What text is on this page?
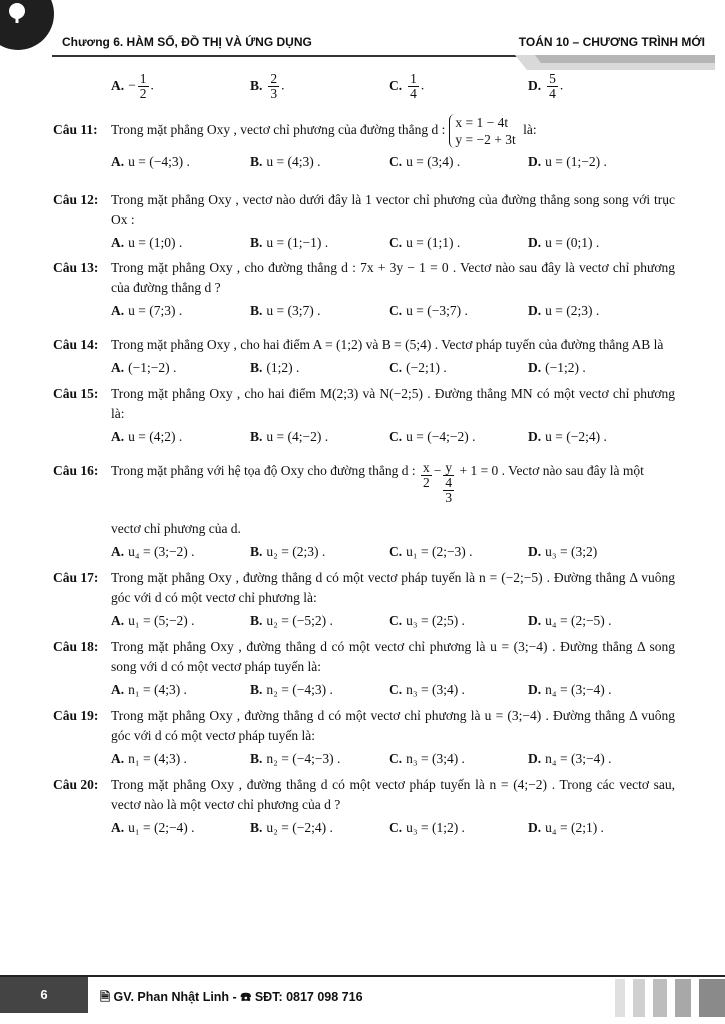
Chương 6. HÀM SỐ, ĐỒ THỊ VÀ ỨNG DỤNG	TOÁN 10 – CHƯƠNG TRÌNH MỚI
A. − $\frac{1}{2}$ .	B. $\frac{2}{3}$ .	C. $\frac{1}{4}$ .	D. $\frac{5}{4}$ .
Câu 11: Trong mặt phẳng Oxy , vectơ chỉ phương của đường thẳng d : x = 1 − 4t
y = −2 + 3t
là:
A. u = (−4;3) .	B. u = (4;3) .	C. u = (3;4) .	D. u = (1;−2) .
Câu 12: Trong mặt phẳng Oxy , vectơ nào dưới đây là 1 vector chỉ phương của đường thẳng song song với trục Ox :
A. u = (1;0) .	B. u = (1;−1) .	C. u = (1;1) .	D. u = (0;1) .
Câu 13: Trong mặt phẳng Oxy , cho đường thẳng d : 7x + 3y − 1 = 0 . Vectơ nào sau đây là vectơ chỉ phương của đường thẳng d ?
A. u = (7;3) .	B. u = (3;7) .	C. u = (−3;7) .	D. u = (2;3) .
Câu 14: Trong mặt phẳng Oxy , cho hai điểm A = (1;2) và B = (5;4) . Vectơ pháp tuyến của đường thẳng AB là
A. (−1;−2) .	B. (1;2) .	C. (−2;1) .	D. (−1;2) .
Câu 15: Trong mặt phẳng Oxy , cho hai điểm M(2;3) và N(−2;5) . Đường thẳng MN có một vectơ chỉ phương là:
A. u = (4;2) .	B. u = (4;−2) .	C. u = (−4;−2) .	D. u = (−2;4) .
Câu 16: Trong mặt phẳng với hệ tọa độ Oxy cho đường thẳng d : $\frac{x}{2} - y$
4
3
+ 1 = 0 . Vectơ nào sau đây là một
vectơ chỉ phương của d.
A. u₄ = (3;−2) .	B. u₂ = (2;3) .	C. u₁ = (2;−3) .	D. u₃ = (3;2)
Câu 17: Trong mặt phẳng Oxy , đường thẳng d có một vectơ pháp tuyến là n = (−2;−5) . Đường thẳng Δ vuông góc với d có một vectơ chỉ phương là:
A. u₁ = (5;−2) .	B. u₂ = (−5;2) .	C. u₃ = (2;5) .	D. u₄ = (2;−5) .
Câu 18: Trong mặt phẳng Oxy , đường thẳng d có một vectơ chỉ phương là u = (3;−4) . Đường thẳng Δ song song với d có một vectơ pháp tuyến là:
A. n₁ = (4;3) .	B. n₂ = (−4;3) .	C. n₃ = (3;4) .	D. n₄ = (3;−4) .
Câu 19: Trong mặt phẳng Oxy , đường thẳng d có một vectơ chỉ phương là u = (3;−4) . Đường thẳng Δ vuông góc với d có một vectơ pháp tuyến là:
A. n₁ = (4;3) .	B. n₂ = (−4;−3) .	C. n₃ = (3;4) .	D. n₄ = (3;−4) .
Câu 20: Trong mặt phẳng Oxy , đường thẳng d có một vectơ pháp tuyến là n = (4;−2) . Trong các vectơ sau, vectơ nào là một vectơ chỉ phương của d ?
A. u₁ = (2;−4) .	B. u₂ = (−2;4) .	C. u₃ = (1;2) .	D. u₄ = (2;1) .
6	🗎 GV. Phan Nhật Linh - ☎ SĐT: 0817 098 716
